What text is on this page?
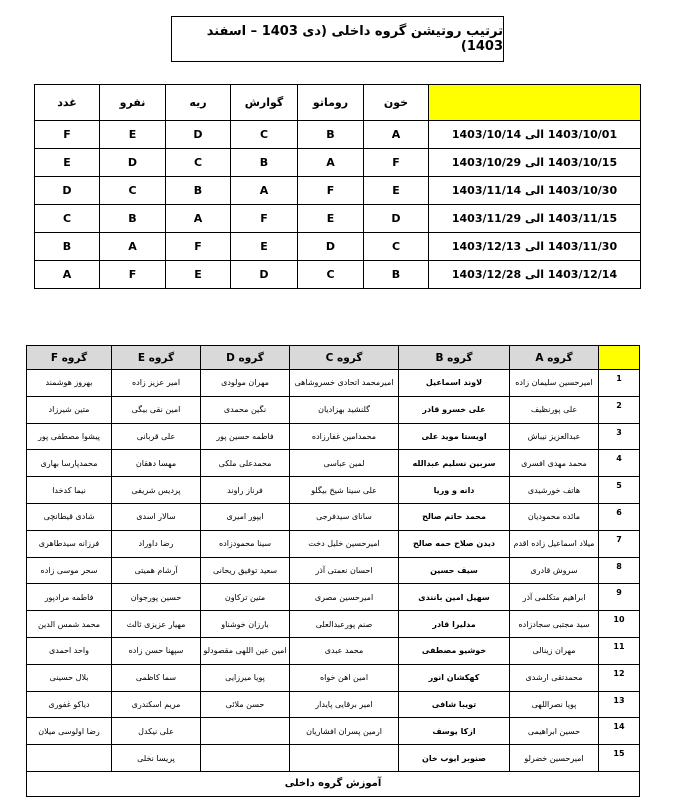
ترتیب روتیشن گروه داخلی (دی 1403 – اسفند 1403)
	خون	روماتو	گوارش	ریه	نفرو	غدد
1403/10/01 الی 1403/10/14	A	B	C	D	E	F
1403/10/15 الی 1403/10/29	F	A	B	C	D	E
1403/10/30 الی 1403/11/14	E	F	A	B	C	D
1403/11/15 الی 1403/11/29	D	E	F	A	B	C
1403/11/30 الی 1403/12/13	C	D	E	F	A	B
1403/12/14 الی 1403/12/28	B	C	D	E	F	A
	گروه A	گروه B	گروه C	گروه D	گروه E	گروه F
1	امیرحسین سلیمان زاده	لاوند اسماعیل	امیرمحمد اتحادی خسروشاهی	مهران مولودی	امیر عزیز زاده	بهروز هوشمند
2	علی پورنظیف	علی خسرو قادر	گلنشید بهزادیان	نگین محمدی	امین نقی بیگی	متین شیرزاد
3	عبدالعزیز نیباش	اویستا موید علی	محمدامین غفارزاده	فاطمه حسین پور	علی قربانی	پیشوا مصطفی پور
4	محمد مهدی افسری	سربین نسلیم عبدالله	لمین عباسی	محمدعلی ملکی	مهسا دهقان	محمدپارسا بهاری
5	هاتف خورشیدی	دانه و وریا	علی سینا شیخ بیگلو	فرناز راوند	پردیس شریفی	نیما کدخدا
6	مائده محمودیان	محمد حاتم صالح	سانای سیدفرجی	ایپور امیری	سالار اسدی	شادی قیطانچی
7	میلاد اسماعیل زاده اقدم	دیدن صلاح حمه صالح	امیرحسین خلیل دخت	سینا محمودزاده	رضا داوراد	فرزانه سیدطاهری
8	سروش قادری	سیف حسین	احسان نعمتی آذر	سعید توفیق ریحانی	آرشام همیتی	سحر موسی زاده
9	ابراهیم متکلمی آذر	سهیل امین بانندی	امیرحسین مصری	متین ترکاون	حسین پورجوان	فاطمه مرادپور
10	سید مجتبی سجادزاده	مدلیرا قادر	صنم پورعبدالعلی	بارزان خوشناو	مهیار عزیزی ثالث	محمد شمس الدین
11	مهران زینالی	خوشیو مصطفی	محمد عبدی	امین عین اللهی مقصودلو	سپهنا حسن زاده	واحد احمدی
12	محمدتقی ارشدی	کهکشان انور	امین اهن خواه	پویا میرزایی	سما کاظمی	بلال حسینی
13	پویا نصراللهی	تویبا شافی	امیر برقایی پایدار	حسن ملائی	مریم اسکندری	دیاکو غفوری
14	حسین ابراهیمی	ازکا یوسف	ارمین پسران افشاریان		علی نیکدل	رضا اولوسی میلان
15	امیرحسین خضرلو	صنوبر ایوب خان			پریسا نخلی	
آموزش گروه داخلی						
